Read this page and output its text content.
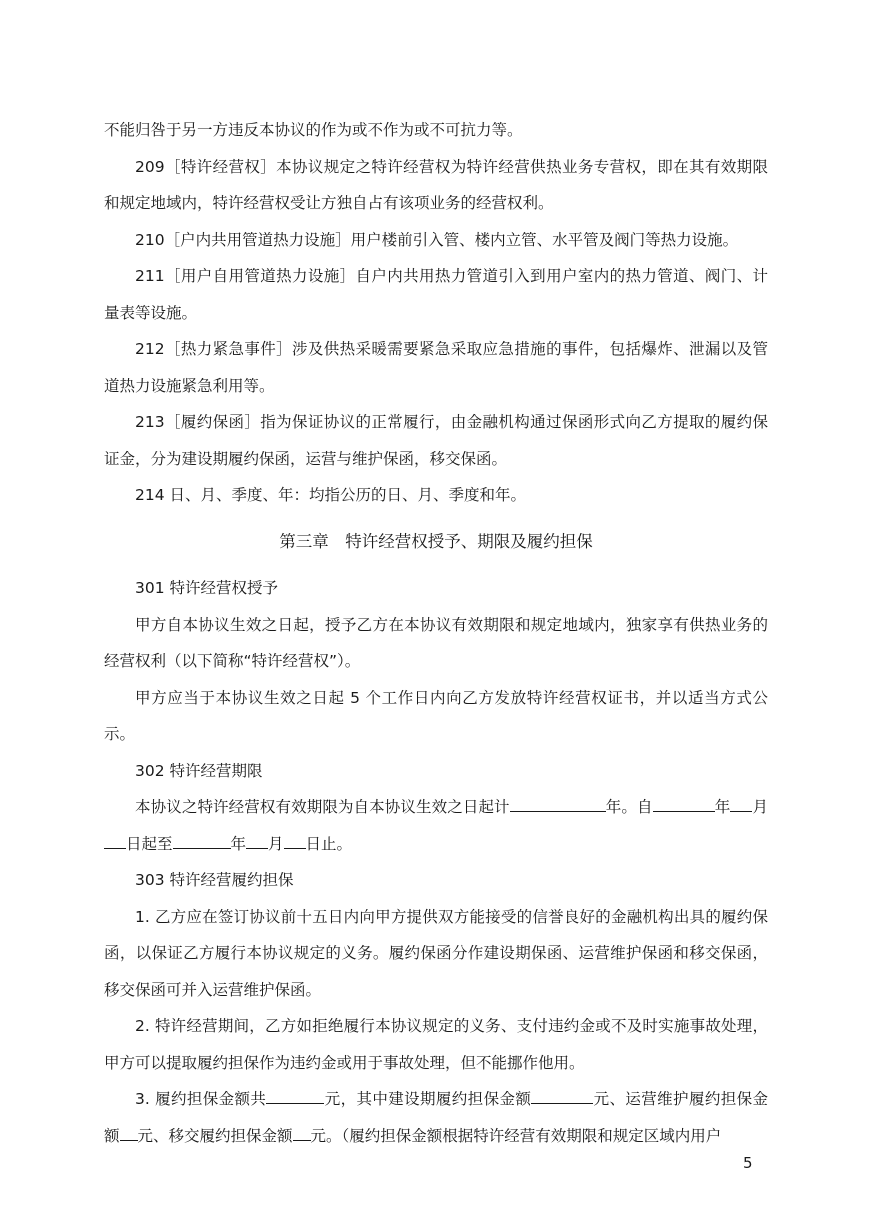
不能归咎于另一方违反本协议的作为或不作为或不可抗力等。

209［特许经营权］本协议规定之特许经营权为特许经营供热业务专营权，即在其有效期限和规定地域内，特许经营权受让方独自占有该项业务的经营权利。

210［户内共用管道热力设施］用户楼前引入管、楼内立管、水平管及阀门等热力设施。

211［用户自用管道热力设施］自户内共用热力管道引入到用户室内的热力管道、阀门、计量表等设施。

212［热力紧急事件］涉及供热采暖需要紧急采取应急措施的事件，包括爆炸、泄漏以及管道热力设施紧急利用等。

213［履约保函］指为保证协议的正常履行，由金融机构通过保函形式向乙方提取的履约保证金，分为建设期履约保函，运营与维护保函，移交保函。

214 日、月、季度、年：均指公历的日、月、季度和年。

第三章　特许经营权授予、期限及履约担保

301 特许经营权授予

甲方自本协议生效之日起，授予乙方在本协议有效期限和规定地域内，独家享有供热业务的经营权利（以下简称“特许经营权”）。

甲方应当于本协议生效之日起 5 个工作日内向乙方发放特许经营权证书，并以适当方式公示。

302 特许经营期限

本协议之特许经营权有效期限为自本协议生效之日起计	年。自	年 月日起至	年 月 日止。

303 特许经营履约担保

1. 乙方应在签订协议前十五日内向甲方提供双方能接受的信誉良好的金融机构出具的履约保函，以保证乙方履行本协议规定的义务。履约保函分作建设期保函、运营维护保函和移交保函，移交保函可并入运营维护保函。

2. 特许经营期间，乙方如拒绝履行本协议规定的义务、支付违约金或不及时实施事故处理，甲方可以提取履约担保作为违约金或用于事故处理，但不能挪作他用。

3. 履约担保金额共	元，其中建设期履约担保金额	元、运营维护履约担保金额 元、移交履约担保金额 元。（履约担保金额根据特许经营有效期限和规定区域内用户

5
